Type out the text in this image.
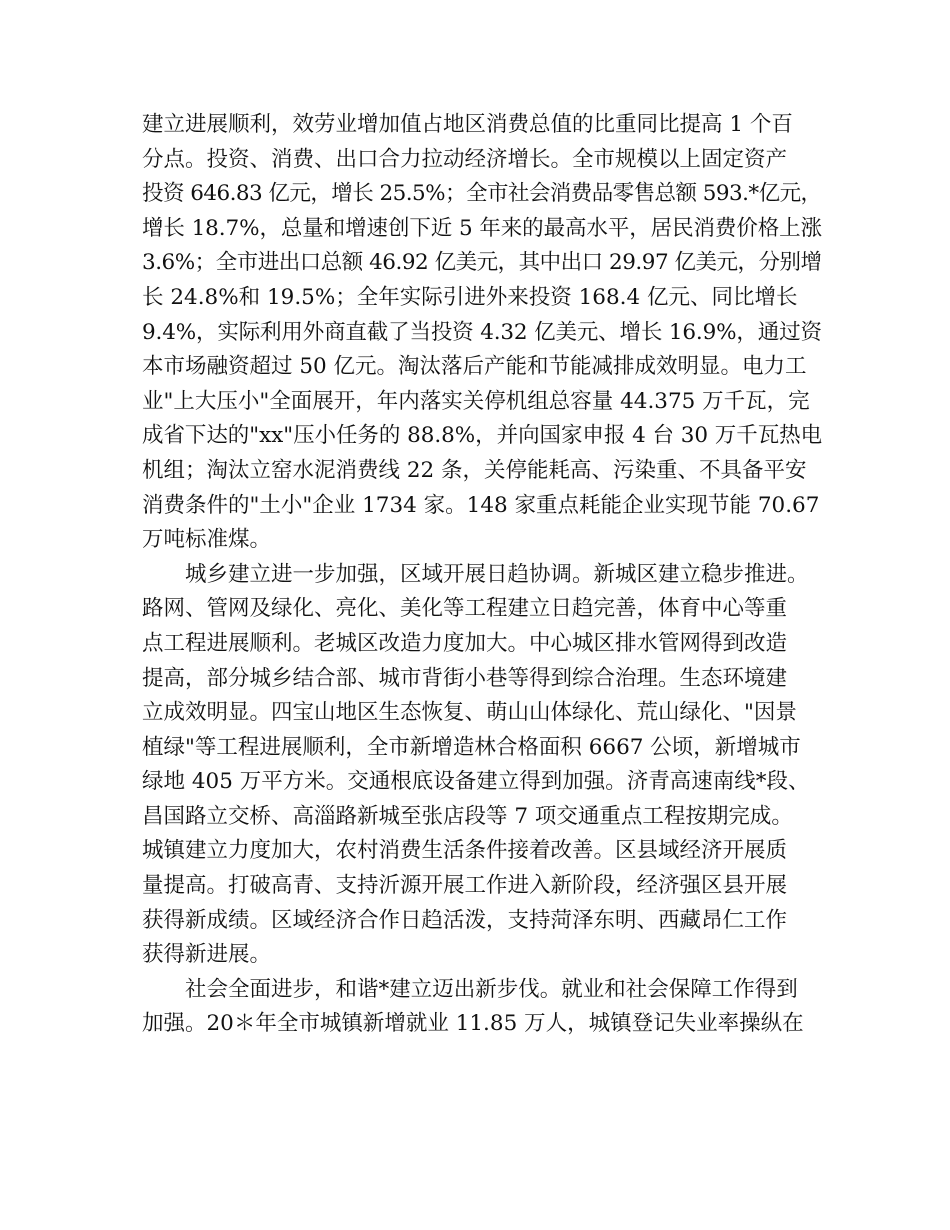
建立进展顺利，效劳业增加值占地区消费总值的比重同比提高 1 个百
分点。投资、消费、出口合力拉动经济增长。全市规模以上固定资产
投资 646.83 亿元，增长 25.5%；全市社会消费品零售总额 593.*亿元，
增长 18.7%，总量和增速创下近 5 年来的最高水平，居民消费价格上涨
3.6%；全市进出口总额 46.92 亿美元，其中出口 29.97 亿美元，分别增
长 24.8%和 19.5%；全年实际引进外来投资 168.4 亿元、同比增长
9.4%，实际利用外商直截了当投资 4.32 亿美元、增长 16.9%，通过资
本市场融资超过 50 亿元。淘汰落后产能和节能减排成效明显。电力工
业"上大压小"全面展开，年内落实关停机组总容量 44.375 万千瓦，完
成省下达的"xx"压小任务的 88.8%，并向国家申报 4 台 30 万千瓦热电
机组；淘汰立窑水泥消费线 22 条，关停能耗高、污染重、不具备平安
消费条件的"土小"企业 1734 家。148 家重点耗能企业实现节能 70.67
万吨标准煤。

城乡建立进一步加强，区域开展日趋协调。新城区建立稳步推进。
路网、管网及绿化、亮化、美化等工程建立日趋完善，体育中心等重
点工程进展顺利。老城区改造力度加大。中心城区排水管网得到改造
提高，部分城乡结合部、城市背街小巷等得到综合治理。生态环境建
立成效明显。四宝山地区生态恢复、萌山山体绿化、荒山绿化、"因景
植绿"等工程进展顺利，全市新增造林合格面积 6667 公顷，新增城市
绿地 405 万平方米。交通根底设备建立得到加强。济青高速南线*段、
昌国路立交桥、高淄路新城至张店段等 7 项交通重点工程按期完成。
城镇建立力度加大，农村消费生活条件接着改善。区县域经济开展质
量提高。打破高青、支持沂源开展工作进入新阶段，经济强区县开展
获得新成绩。区域经济合作日趋活泼，支持菏泽东明、西藏昂仁工作
获得新进展。

社会全面进步，和谐*建立迈出新步伐。就业和社会保障工作得到
加强。20＊年全市城镇新增就业 11.85 万人，城镇登记失业率操纵在
